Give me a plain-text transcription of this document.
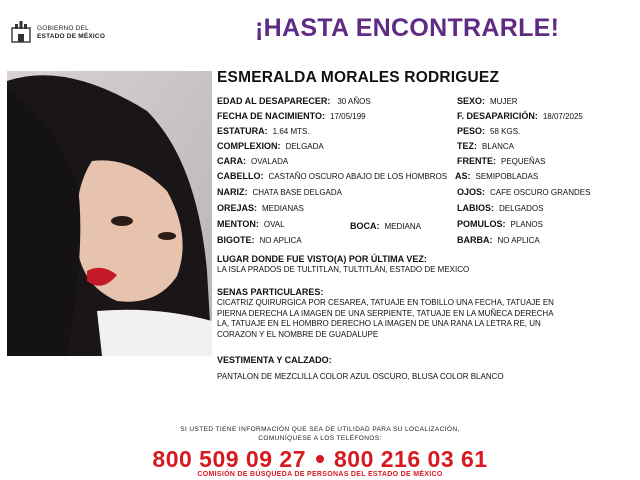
GOBIERNO DEL
ESTADO DE MÉXICO	¡HASTA ENCONTRARLE!
ESMERALDA MORALES RODRIGUEZ
EDAD AL DESAPARECER: 30 AÑOS	SEXO: MUJER
FECHA DE NACIMIENTO: 17/05/199	F. DESAPARICIÓN: 18/07/2025
ESTATURA: 1.64 MTS.	PESO: 58 KGS.
COMPLEXION: DELGADA	TEZ: BLANCA
CARA: OVALADA	FRENTE: PEQUEÑAS
CABELLO: CASTAÑO OSCURO ABAJO DE LOS HOMBROS AS: SEMIPOBLADAS
NARIZ: CHATA BASE DELGADA	OJOS: CAFE OSCURO GRANDES
OREJAS: MEDIANAS	LABIOS: DELGADOS
MENTON: OVAL	BOCA: MEDIANA	POMULOS: PLANOS
BIGOTE: NO APLICA	BARBA: NO APLICA
LUGAR DONDE FUE VISTO(A) POR ÚLTIMA VEZ:
LA ISLA PRADOS DE TULTITLAN, TULTITLÁN, ESTADO DE MEXICO
SENAS PARTICULARES:
CICATRIZ QUIRURGICA POR CESAREA, TATUAJE EN TOBILLO UNA FECHA, TATUAJE EN
PIERNA DERECHA LA IMAGEN DE UNA SERPIENTE, TATUAJE EN LA MUÑECA DERECHA
LA, TATUAJE EN EL HOMBRO DERECHO LA IMAGEN DE UNA RANA LA LETRA RE, UN
CORAZON Y EL NOMBRE DE GUADALUPE
VESTIMENTA Y CALZADO:
PANTALON DE MEZCLILLA COLOR AZUL OSCURO, BLUSA COLOR BLANCO
SI USTED TIENE INFORMACIÓN QUE SEA DE UTILIDAD PARA SU LOCALIZACIÓN,
COMUNÍQUESE A LOS TELÉFONOS:
800 509 09 27 800 216 03 61
COMISIÓN DE BÚSQUEDA DE PERSONAS DEL ESTADO DE MÉXICO
